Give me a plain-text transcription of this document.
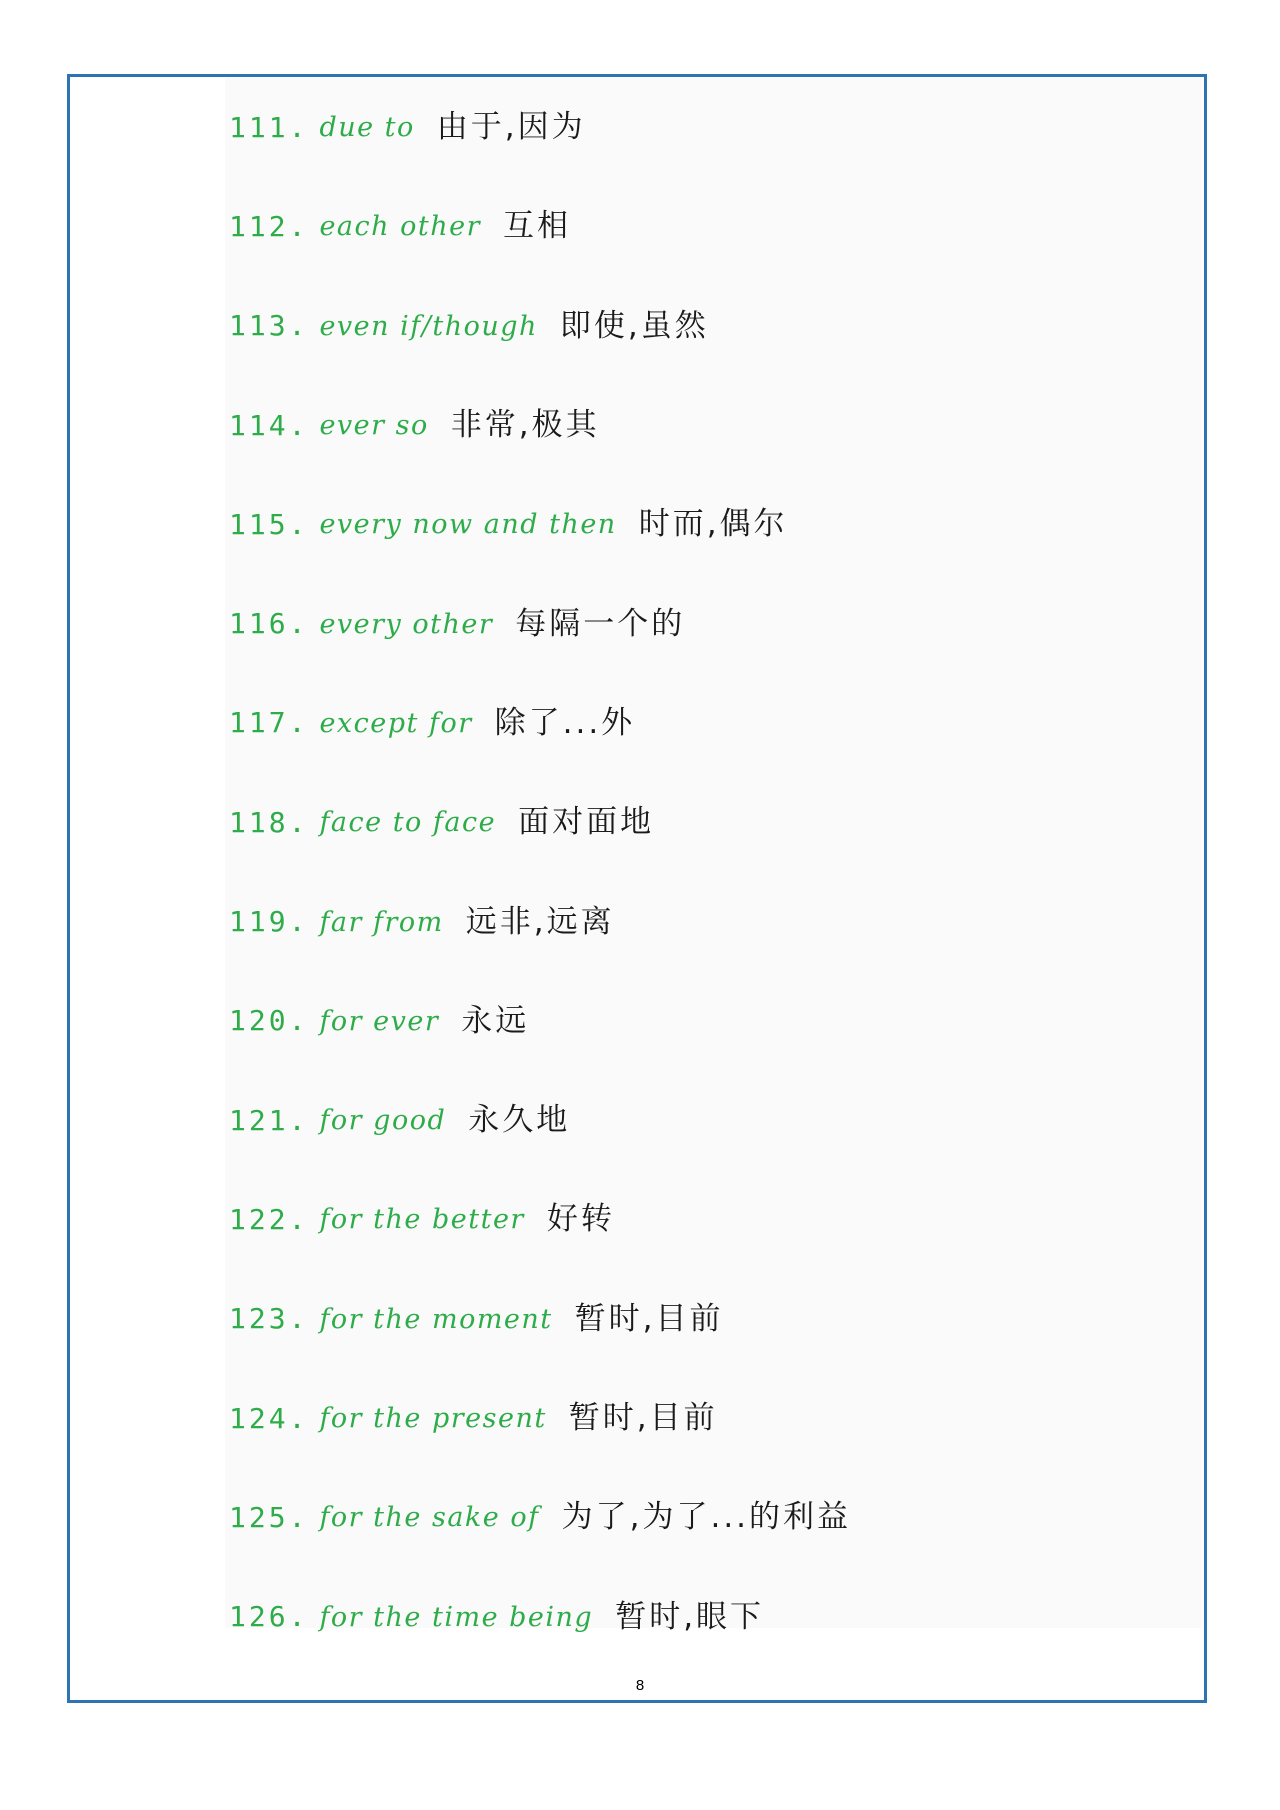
111 . due to 由于,因为
112 . each other 互相
113 . even if/though 即使,虽然
114 . ever so 非常,极其
115 . every now and then 时而,偶尔
116 . every other 每隔一个的
117 . except for 除了...外
118 . face to face 面对面地
119 . far from 远非,远离
120 . for ever 永远
121 . for good 永久地
122 . for the better 好转
123 . for the moment 暂时,目前
124 . for the present 暂时,目前
125 . for the sake of 为了,为了...的利益
126 . for the time being 暂时,眼下
8
